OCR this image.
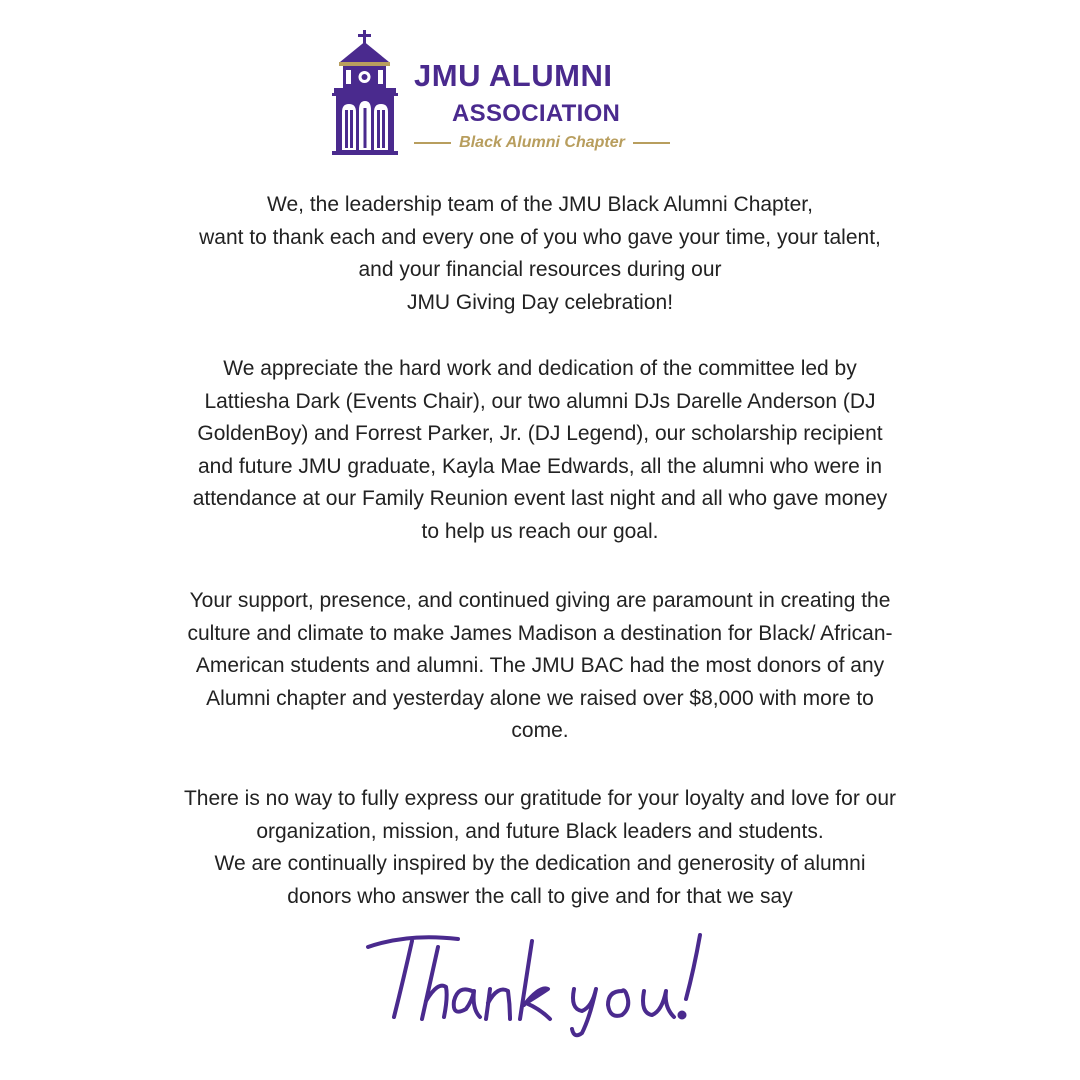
JMU ALUMNI
ASSOCIATION
Black Alumni Chapter

We, the leadership team of the JMU Black Alumni Chapter,
want to thank each and every one of you who gave your time, your talent,
and your financial resources during our
JMU Giving Day celebration!

We appreciate the hard work and dedication of the committee led by
Lattiesha Dark (Events Chair), our two alumni DJs Darelle Anderson (DJ
GoldenBoy) and Forrest Parker, Jr. (DJ Legend), our scholarship recipient
and future JMU graduate, Kayla Mae Edwards, all the alumni who were in
attendance at our Family Reunion event last night and all who gave money
to help us reach our goal.

Your support, presence, and continued giving are paramount in creating the
culture and climate to make James Madison a destination for Black/ African-
American students and alumni. The JMU BAC had the most donors of any
Alumni chapter and yesterday alone we raised over $8,000 with more to
come.

There is no way to fully express our gratitude for your loyalty and love for our
organization, mission, and future Black leaders and students.
We are continually inspired by the dedication and generosity of alumni
donors who answer the call to give and for that we say

Thank you!
